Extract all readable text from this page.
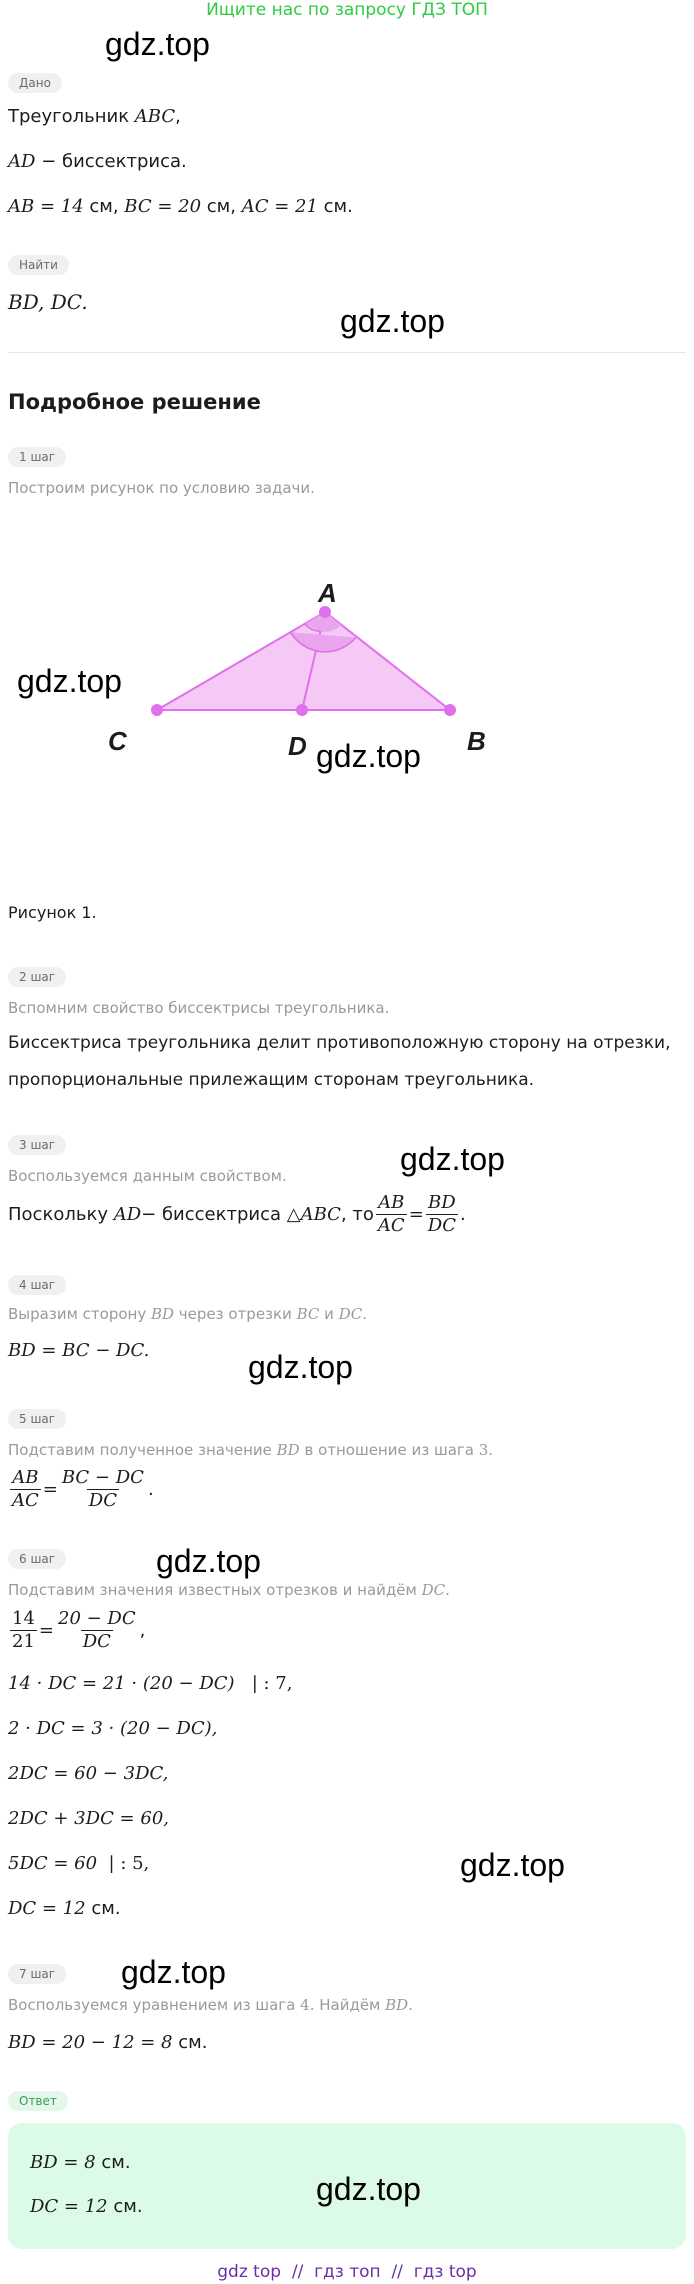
Ищите нас по запросу ГДЗ ТОП
gdz.top
gdz.top
gdz.top
gdz.top
gdz.top
gdz.top
gdz.top
gdz.top
gdz.top
Дано
Треугольник ABC,
AD − биссектриса.
AB = 14 см, BC = 20 см, AC = 21 см.
Найти
BD, DC.
Подробное решение
1 шаг
Построим рисунок по условию задачи.
A
C	D	B
Рисунок 1.
2 шаг
Вспомним свойство биссектрисы треугольника.
Биссектриса треугольника делит противоположную сторону на отрезки,
пропорциональные прилежащим сторонам треугольника.
3 шаг
Воспользуемся данным свойством.
Поскольку
AD − биссектриса
△ABC , то $\frac{AB}{AC} = \frac{BD}{DC}$ .
4 шаг
Выразим сторону BD через отрезки BC и DC.
BD = BC − DC.
5 шаг
Подставим полученное значение BD в отношение из шага 3.
$\frac{AB}{AC} = \frac{BC - DC}{DC}$ .
6 шаг
Подставим значения известных отрезков и найдём DC.
$\frac{14}{21} = \frac{20 - DC}{DC}$ ,
14 · DC = 21 · (20 − DC)   | : 7,
2 · DC = 3 · (20 − DC),
2DC = 60 − 3DC,
2DC + 3DC = 60,
5DC = 60  | : 5,
DC = 12 см.
7 шаг
Воспользуемся уравнением из шага 4. Найдём BD.
BD = 20 − 12 = 8 см.
Ответ
BD = 8 см.
DC = 12 см.	gdz.top
gdz top  //  гдз топ  //  гдз top
